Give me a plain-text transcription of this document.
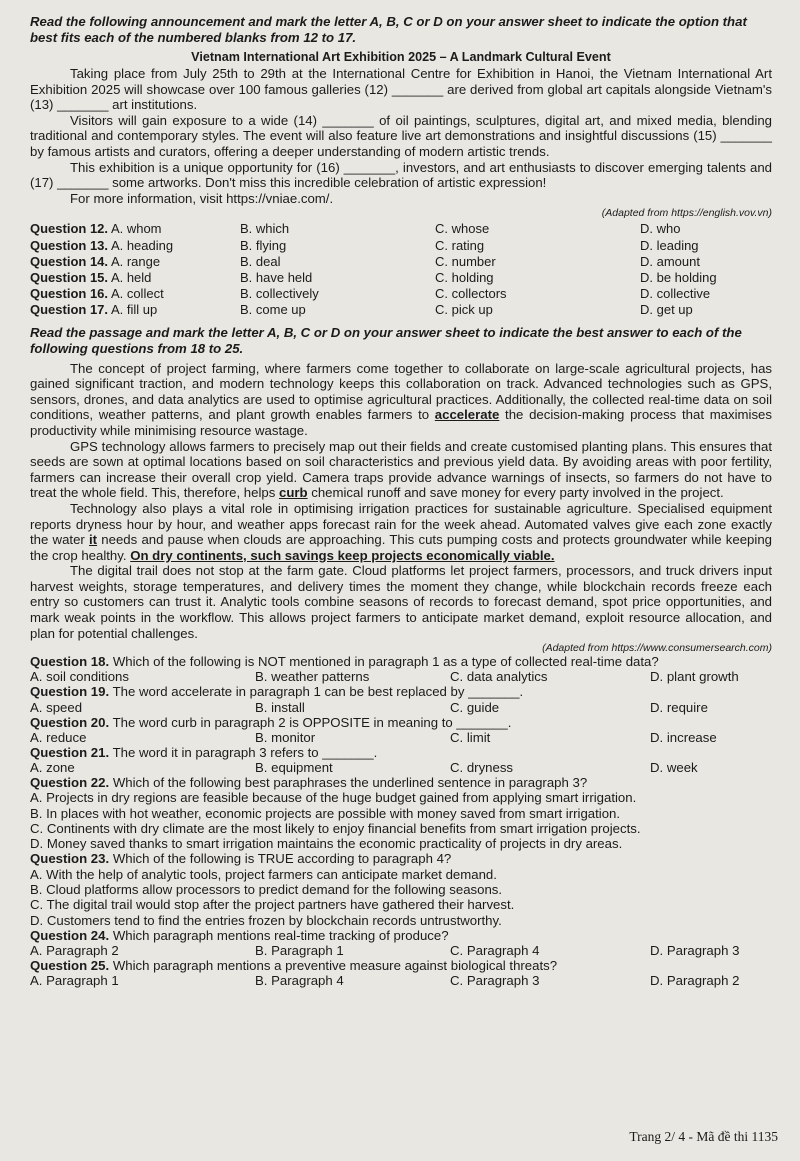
Read the following announcement and mark the letter A, B, C or D on your answer sheet to indicate the option that best fits each of the numbered blanks from 12 to 17.

Vietnam International Art Exhibition 2025 – A Landmark Cultural Event

Taking place from July 25th to 29th at the International Centre for Exhibition in Hanoi, the Vietnam International Art Exhibition 2025 will showcase over 100 famous galleries (12) _______ are derived from global art capitals alongside Vietnam's (13) _______ art institutions.

Visitors will gain exposure to a wide (14) _______ of oil paintings, sculptures, digital art, and mixed media, blending traditional and contemporary styles. The event will also feature live art demonstrations and insightful discussions (15) _______ by famous artists and curators, offering a deeper understanding of modern artistic trends.

This exhibition is a unique opportunity for (16) _______, investors, and art enthusiasts to discover emerging talents and (17) _______ some artworks. Don't miss this incredible celebration of artistic expression!

For more information, visit https://vniae.com/.

(Adapted from https://english.vov.vn)

Question 12. A. whom	B. which	C. whose	D. who
Question 13. A. heading	B. flying	C. rating	D. leading
Question 14. A. range	B. deal	C. number	D. amount
Question 15. A. held	B. have held	C. holding	D. be holding
Question 16. A. collect	B. collectively	C. collectors	D. collective
Question 17. A. fill up	B. come up	C. pick up	D. get up

Read the passage and mark the letter A, B, C or D on your answer sheet to indicate the best answer to each of the following questions from 18 to 25.

The concept of project farming, where farmers come together to collaborate on large-scale agricultural projects, has gained significant traction, and modern technology keeps this collaboration on track. Advanced technologies such as GPS, sensors, drones, and data analytics are used to optimise agricultural practices. Additionally, the collected real-time data on soil conditions, weather patterns, and plant growth enables farmers to accelerate the decision-making process that maximises productivity while minimising resource wastage.

GPS technology allows farmers to precisely map out their fields and create customised planting plans. This ensures that seeds are sown at optimal locations based on soil characteristics and previous yield data. By avoiding areas with poor fertility, farmers can increase their overall crop yield. Camera traps provide advance warnings of insects, so farmers do not have to treat the whole field. This, therefore, helps curb chemical runoff and save money for every party involved in the project.

Technology also plays a vital role in optimising irrigation practices for sustainable agriculture. Specialised equipment reports dryness hour by hour, and weather apps forecast rain for the week ahead. Automated valves give each zone exactly the water it needs and pause when clouds are approaching. This cuts pumping costs and protects groundwater while keeping the crop healthy. On dry continents, such savings keep projects economically viable.

The digital trail does not stop at the farm gate. Cloud platforms let project farmers, processors, and truck drivers input harvest weights, storage temperatures, and delivery times the moment they change, while blockchain records freeze each entry so customers can trust it. Analytic tools combine seasons of records to forecast demand, spot price opportunities, and mark weak points in the workflow. This allows project farmers to anticipate market demand, exploit resource allocation, and plan for potential challenges.

(Adapted from https://www.consumersearch.com)

Question 18. Which of the following is NOT mentioned in paragraph 1 as a type of collected real-time data?

A. soil conditions	B. weather patterns	C. data analytics	D. plant growth

Question 19. The word accelerate in paragraph 1 can be best replaced by _______.

A. speed	B. install	C. guide	D. require

Question 20. The word curb in paragraph 2 is OPPOSITE in meaning to _______.

A. reduce	B. monitor	C. limit	D. increase

Question 21. The word it in paragraph 3 refers to _______.

A. zone	B. equipment	C. dryness	D. week

Question 22. Which of the following best paraphrases the underlined sentence in paragraph 3?

A. Projects in dry regions are feasible because of the huge budget gained from applying smart irrigation.

B. In places with hot weather, economic projects are possible with money saved from smart irrigation.

C. Continents with dry climate are the most likely to enjoy financial benefits from smart irrigation projects.

D. Money saved thanks to smart irrigation maintains the economic practicality of projects in dry areas.

Question 23. Which of the following is TRUE according to paragraph 4?

A. With the help of analytic tools, project farmers can anticipate market demand.

B. Cloud platforms allow processors to predict demand for the following seasons.

C. The digital trail would stop after the project partners have gathered their harvest.

D. Customers tend to find the entries frozen by blockchain records untrustworthy.

Question 24. Which paragraph mentions real-time tracking of produce?

A. Paragraph 2	B. Paragraph 1	C. Paragraph 4	D. Paragraph 3

Question 25. Which paragraph mentions a preventive measure against biological threats?

A. Paragraph 1	B. Paragraph 4	C. Paragraph 3	D. Paragraph 2
Trang 2/ 4 - Mã đề thi 1135
